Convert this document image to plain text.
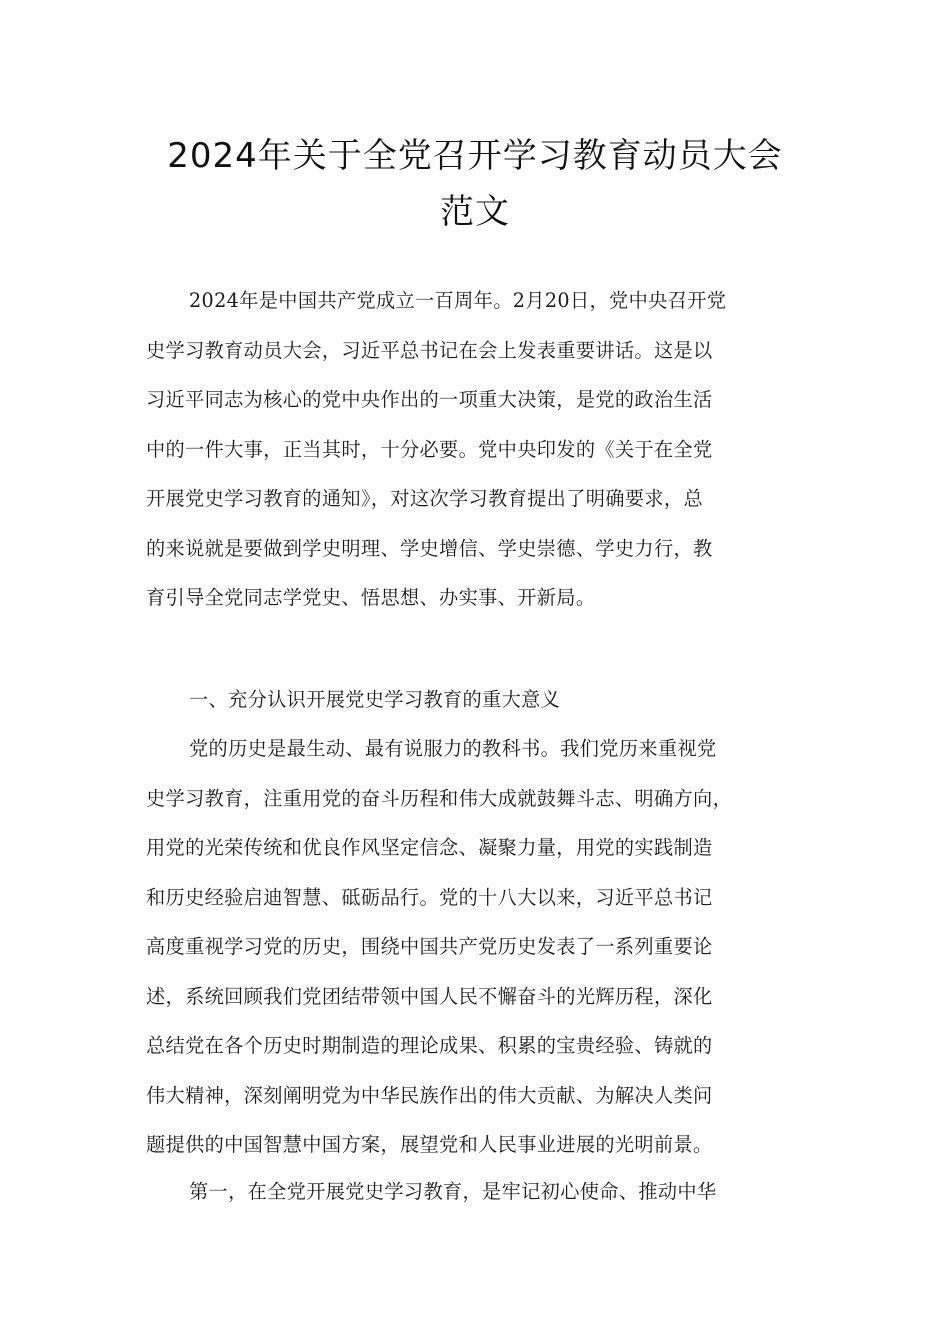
2024年关于全党召开学习教育动员大会
范文
2024年是中国共产党成立一百周年。2月20日，党中央召开党
史学习教育动员大会，习近平总书记在会上发表重要讲话。这是以
习近平同志为核心的党中央作出的一项重大决策，是党的政治生活
中的一件大事，正当其时，十分必要。党中央印发的《关于在全党
开展党史学习教育的通知》，对这次学习教育提出了明确要求，总
的来说就是要做到学史明理、学史增信、学史崇德、学史力行，教
育引导全党同志学党史、悟思想、办实事、开新局。
一、充分认识开展党史学习教育的重大意义
党的历史是最生动、最有说服力的教科书。我们党历来重视党
史学习教育，注重用党的奋斗历程和伟大成就鼓舞斗志、明确方向，
用党的光荣传统和优良作风坚定信念、凝聚力量，用党的实践制造
和历史经验启迪智慧、砥砺品行。党的十八大以来，习近平总书记
高度重视学习党的历史，围绕中国共产党历史发表了一系列重要论
述，系统回顾我们党团结带领中国人民不懈奋斗的光辉历程，深化
总结党在各个历史时期制造的理论成果、积累的宝贵经验、铸就的
伟大精神，深刻阐明党为中华民族作出的伟大贡献、为解决人类问
题提供的中国智慧中国方案，展望党和人民事业进展的光明前景。
第一，在全党开展党史学习教育，是牢记初心使命、推动中华
